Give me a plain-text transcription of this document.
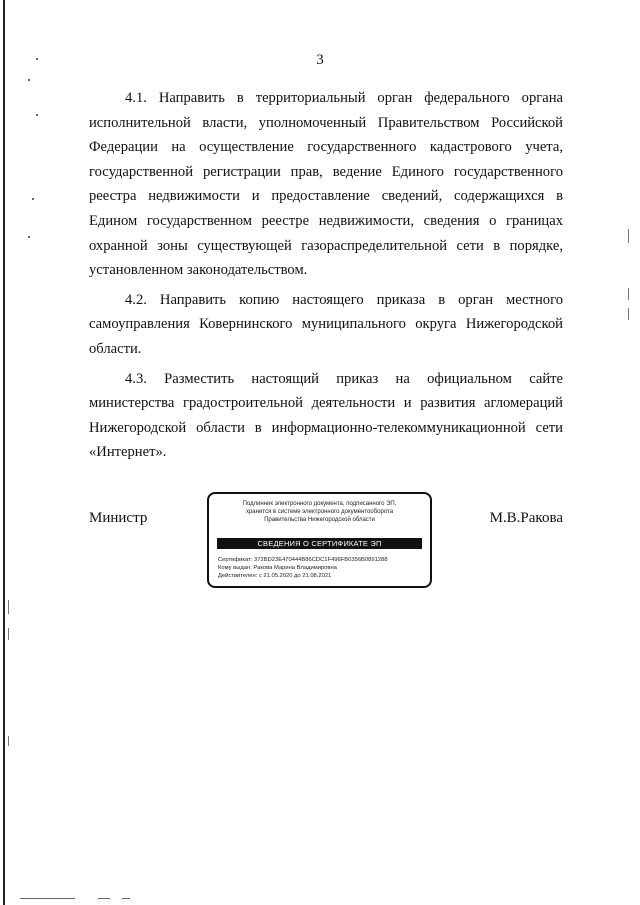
3

4.1. Направить в территориальный орган федерального органа исполнительной власти, уполномоченный Правительством Российской Федерации на осуществление государственного кадастрового учета, государственной регистрации прав, ведение Единого государственного реестра недвижимости и предоставление сведений, содержащихся в Едином государственном реестре недвижимости, сведения о границах охранной зоны существующей газораспределительной сети в порядке, установленном законодательством.

4.2. Направить копию настоящего приказа в орган местного самоуправления Ковернинского муниципального округа Нижегородской области.

4.3. Разместить настоящий приказ на официальном сайте министерства градостроительной деятельности и развития агломераций Нижегородской области в информационно-телекоммуникационной сети «Интернет».

Министр	М.В.Ракова
Подлинник электронного документа, подписанного ЭП,
хранится в системе электронного документооборота
Правительства Нижегородской области
СВЕДЕНИЯ О СЕРТИФИКАТЕ ЭП
Сертификат: 372BD23E470444B86CDC1F496FB0356B0891288
Кому выдан: Ракова Марина Владимировна
Действителен: с 21.05.2020 до 21.08.2021
